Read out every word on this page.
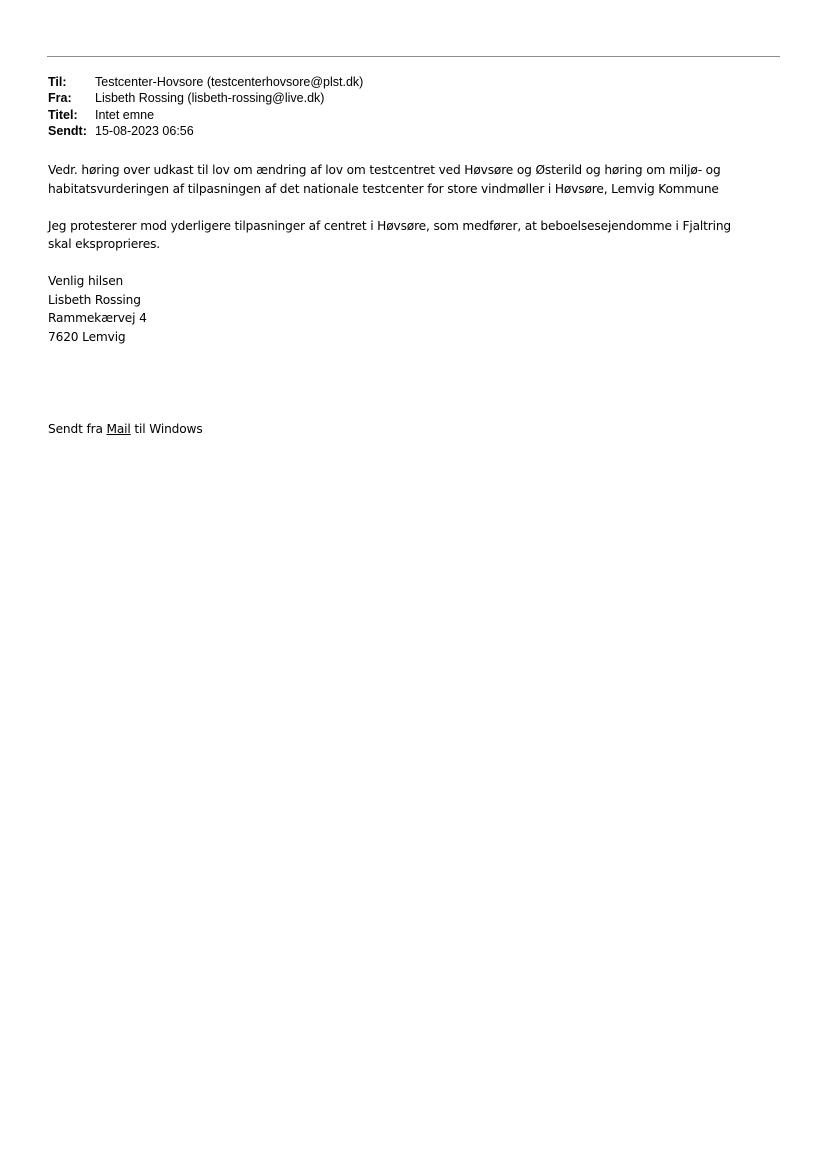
Til:	Testcenter-Hovsore (testcenterhovsore@plst.dk)
Fra:	Lisbeth Rossing (lisbeth-rossing@live.dk)
Titel:	Intet emne
Sendt: 15-08-2023 06:56

Vedr. høring over udkast til lov om ændring af lov om testcentret ved Høvsøre og Østerild og høring om miljø- og
habitatsvurderingen af tilpasningen af det nationale testcenter for store vindmøller i Høvsøre, Lemvig Kommune

Jeg protesterer mod yderligere tilpasninger af centret i Høvsøre, som medfører, at beboelsesejendomme i Fjaltring
skal eksproprieres.

Venlig hilsen

Lisbeth Rossing

Rammekærvej 4

7620 Lemvig

Sendt fra Mail til Windows
